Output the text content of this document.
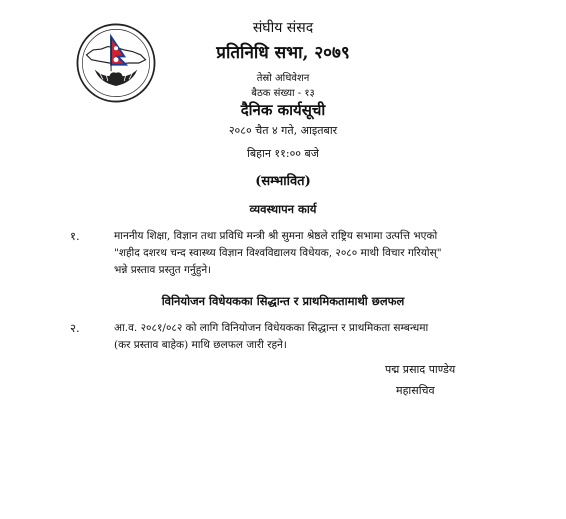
संघीय संसद
प्रतिनिधि सभा, २०७९
तेस्रो अधिवेशन
बैठक संख्या - १३
दैनिक कार्यसूची
२०८० चैत ४ गते, आइतबार
बिहान ११:०० बजे
(सम्भावित)
व्यवस्थापन कार्य
१.	माननीय शिक्षा, विज्ञान तथा प्रविधि मन्त्री श्री सुमना श्रेष्ठले राष्ट्रिय सभामा उत्पत्ति भएको
"शहीद दशरथ चन्द स्वास्थ्य विज्ञान विश्वविद्यालय विधेयक, २०८० माथी विचार गरियोस्"
भन्ने प्रस्ताव प्रस्तुत गर्नुहुने।
विनियोजन विधेयकका सिद्धान्त र प्राथमिकतामाथी छलफल
२.	आ.व. २०८१/०८२ को लागि विनियोजन विधेयकका सिद्धान्त र प्राथमिकता सम्बन्धमा
(कर प्रस्ताव बाहेक) माथि छलफल जारी रहने।
पद्म प्रसाद पाण्डेय
महासचिव
